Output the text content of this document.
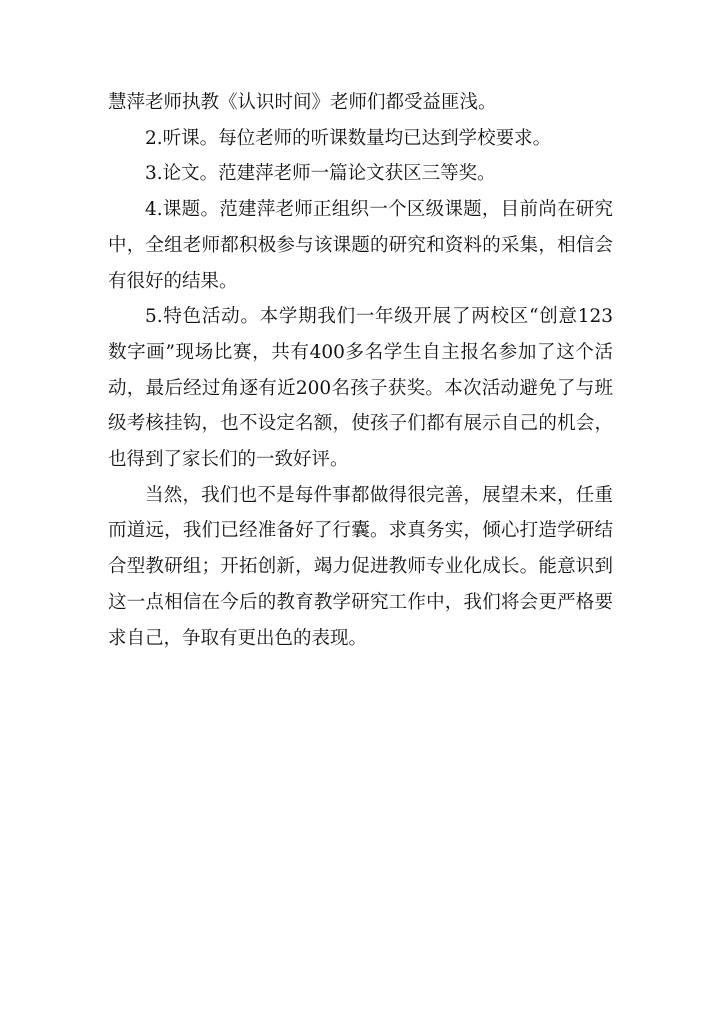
慧萍老师执教《认识时间》老师们都受益匪浅。

2.听课。每位老师的听课数量均已达到学校要求。

3.论文。范建萍老师一篇论文获区三等奖。

4.课题。范建萍老师正组织一个区级课题，目前尚在研究中，全组老师都积极参与该课题的研究和资料的采集，相信会有很好的结果。

5.特色活动。本学期我们一年级开展了两校区“创意123数字画”现场比赛，共有400多名学生自主报名参加了这个活动，最后经过角逐有近200名孩子获奖。本次活动避免了与班级考核挂钩，也不设定名额，使孩子们都有展示自己的机会，也得到了家长们的一致好评。

当然，我们也不是每件事都做得很完善，展望未来，任重而道远，我们已经准备好了行囊。求真务实，倾心打造学研结合型教研组；开拓创新，竭力促进教师专业化成长。能意识到这一点相信在今后的教育教学研究工作中，我们将会更严格要求自己，争取有更出色的表现。
